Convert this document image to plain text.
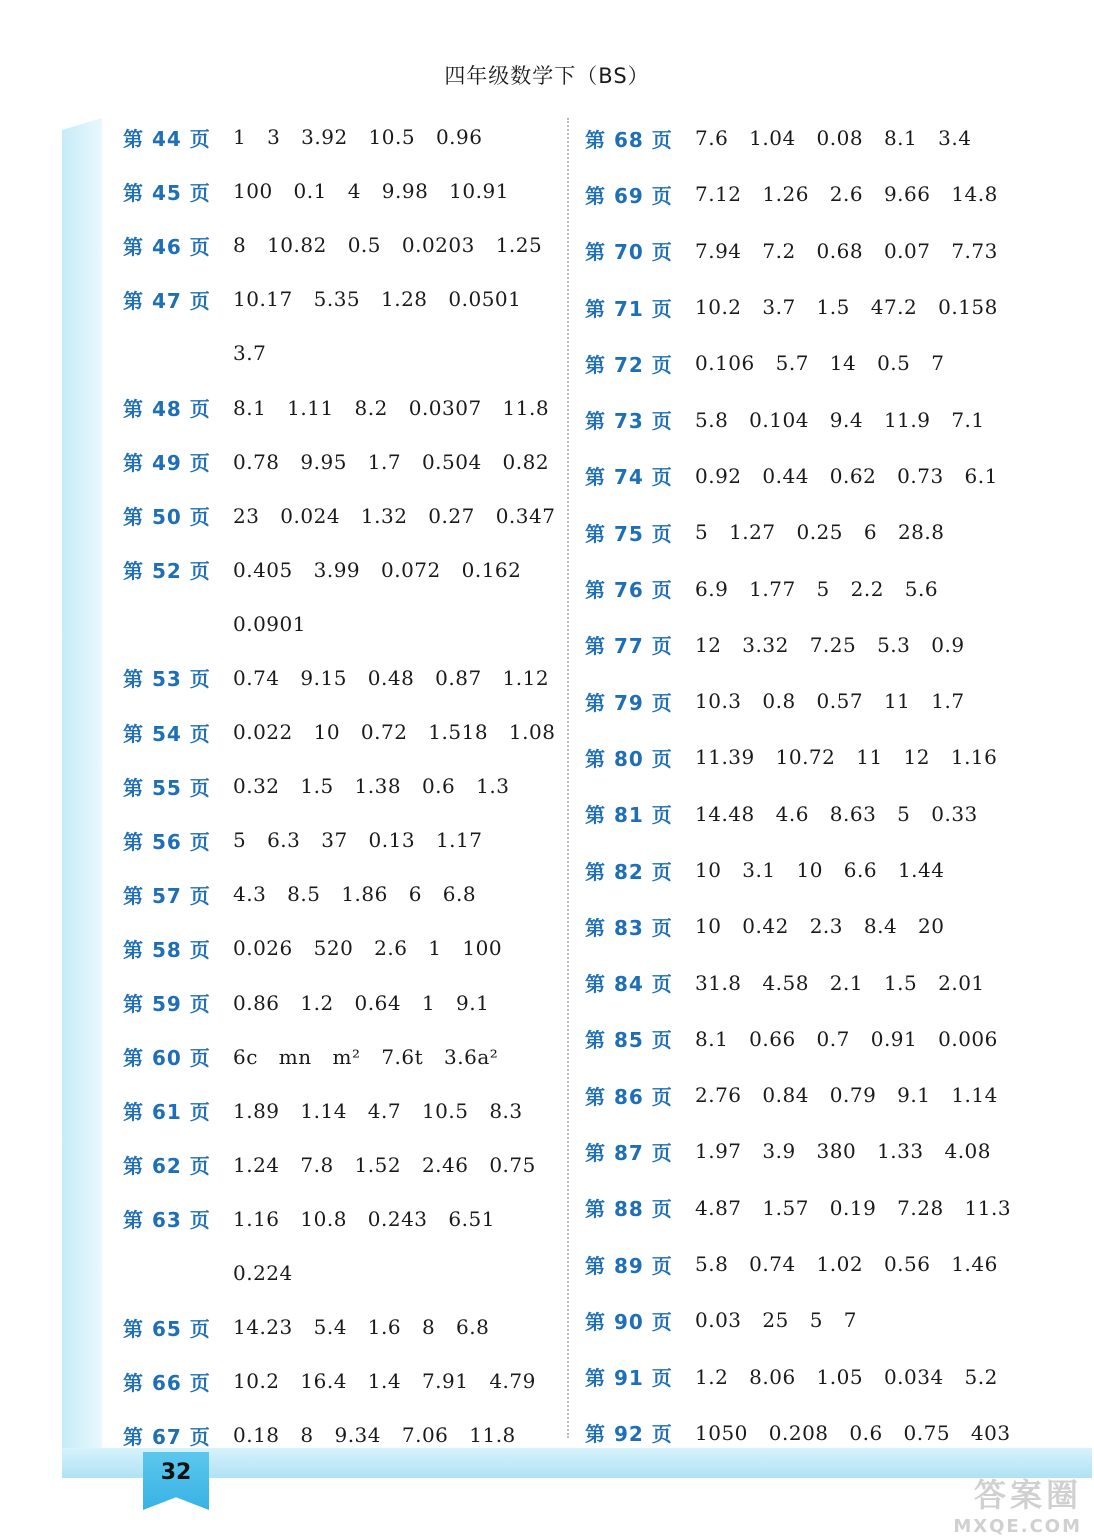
32
四年级数学下（BS）
第 44 页	1 3 3.92 10.5 0.96
第 45 页	100 0.1 4 9.98 10.91
第 46 页	8 10.82 0.5 0.0203 1.25
第 47 页	10.17 5.35 1.28 0.0501
3.7
第 48 页	8.1 1.11 8.2 0.0307 11.8
第 49 页	0.78 9.95 1.7 0.504 0.82
第 50 页	23 0.024 1.32 0.27 0.347
第 52 页	0.405 3.99 0.072 0.162
0.0901
第 53 页	0.74 9.15 0.48 0.87 1.12
第 54 页	0.022 10 0.72 1.518 1.08
第 55 页	0.32 1.5 1.38 0.6 1.3
第 56 页	5 6.3 37 0.13 1.17
第 57 页	4.3 8.5 1.86 6 6.8
第 58 页	0.026 520 2.6 1 100
第 59 页	0.86 1.2 0.64 1 9.1
第 60 页	6c mn m² 7.6t 3.6a²
第 61 页	1.89 1.14 4.7 10.5 8.3
第 62 页	1.24 7.8 1.52 2.46 0.75
第 63 页	1.16 10.8 0.243 6.51
0.224
第 65 页	14.23 5.4 1.6 8 6.8
第 66 页	10.2 16.4 1.4 7.91 4.79
第 67 页	0.18 8 9.34 7.06 11.8
第 68 页	7.6 1.04 0.08 8.1 3.4
第 69 页	7.12 1.26 2.6 9.66 14.8
第 70 页	7.94 7.2 0.68 0.07 7.73
第 71 页	10.2 3.7 1.5 47.2 0.158
第 72 页	0.106 5.7 14 0.5 7
第 73 页	5.8 0.104 9.4 11.9 7.1
第 74 页	0.92 0.44 0.62 0.73 6.1
第 75 页	5 1.27 0.25 6 28.8
第 76 页	6.9 1.77 5 2.2 5.6
第 77 页	12 3.32 7.25 5.3 0.9
第 79 页	10.3 0.8 0.57 11 1.7
第 80 页	11.39 10.72 11 12 1.16
第 81 页	14.48 4.6 8.63 5 0.33
第 82 页	10 3.1 10 6.6 1.44
第 83 页	10 0.42 2.3 8.4 20
第 84 页	31.8 4.58 2.1 1.5 2.01
第 85 页	8.1 0.66 0.7 0.91 0.006
第 86 页	2.76 0.84 0.79 9.1 1.14
第 87 页	1.97 3.9 380 1.33 4.08
第 88 页	4.87 1.57 0.19 7.28 11.3
第 89 页	5.8 0.74 1.02 0.56 1.46
第 90 页	0.03 25 5 7
第 91 页	1.2 8.06 1.05 0.034 5.2
第 92 页	1050 0.208 0.6 0.75 403
答案圈
MXQE.COM
